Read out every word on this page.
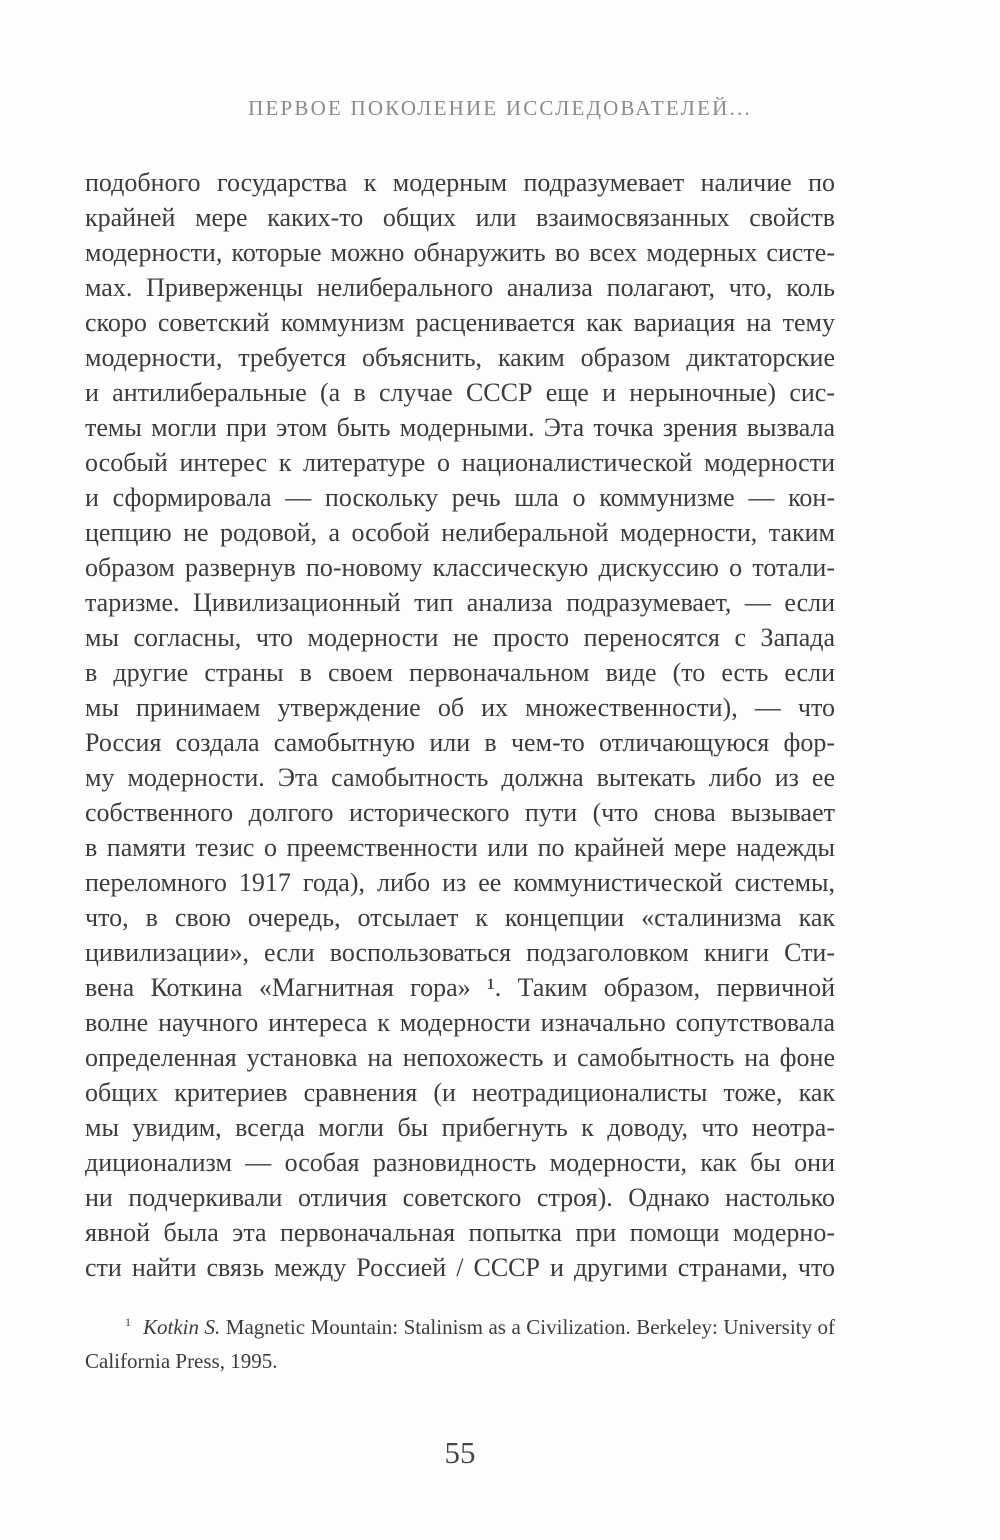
ПЕРВОЕ ПОКОЛЕНИЕ ИССЛЕДОВАТЕЛЕЙ...
подобного государства к модерным подразумевает наличие по
крайней мере каких-то общих или взаимосвязанных свойств
модерности, которые можно обнаружить во всех модерных систе-
мах. Приверженцы нелиберального анализа полагают, что, коль
скоро советский коммунизм расценивается как вариация на тему
модерности, требуется объяснить, каким образом диктаторские
и антилиберальные (а в случае СССР еще и нерыночные) сис-
темы могли при этом быть модерными. Эта точка зрения вызвала
особый интерес к литературе о националистической модерности
и сформировала — поскольку речь шла о коммунизме — кон-
цепцию не родовой, а особой нелиберальной модерности, таким
образом развернув по-новому классическую дискуссию о тотали-
таризме. Цивилизационный тип анализа подразумевает, — если
мы согласны, что модерности не просто переносятся с Запада
в другие страны в своем первоначальном виде (то есть если
мы принимаем утверждение об их множественности), — что
Россия создала самобытную или в чем-то отличающуюся фор-
му модерности. Эта самобытность должна вытекать либо из ее
собственного долгого исторического пути (что снова вызывает
в памяти тезис о преемственности или по крайней мере надежды
переломного 1917 года), либо из ее коммунистической системы,
что, в свою очередь, отсылает к концепции «сталинизма как
цивилизации», если воспользоваться подзаголовком книги Сти-
вена Коткина «Магнитная гора» ¹. Таким образом, первичной
волне научного интереса к модерности изначально сопутствовала
определенная установка на непохожесть и самобытность на фоне
общих критериев сравнения (и неотрадиционалисты тоже, как
мы увидим, всегда могли бы прибегнуть к доводу, что неотра-
диционализм — особая разновидность модерности, как бы они
ни подчеркивали отличия советского строя). Однако настолько
явной была эта первоначальная попытка при помощи модерно-
сти найти связь между Россией / СССР и другими странами, что

$^1$ Kotkin S. Magnetic Mountain: Stalinism as a Civilization. Berkeley: University of California Press, 1995.

55
